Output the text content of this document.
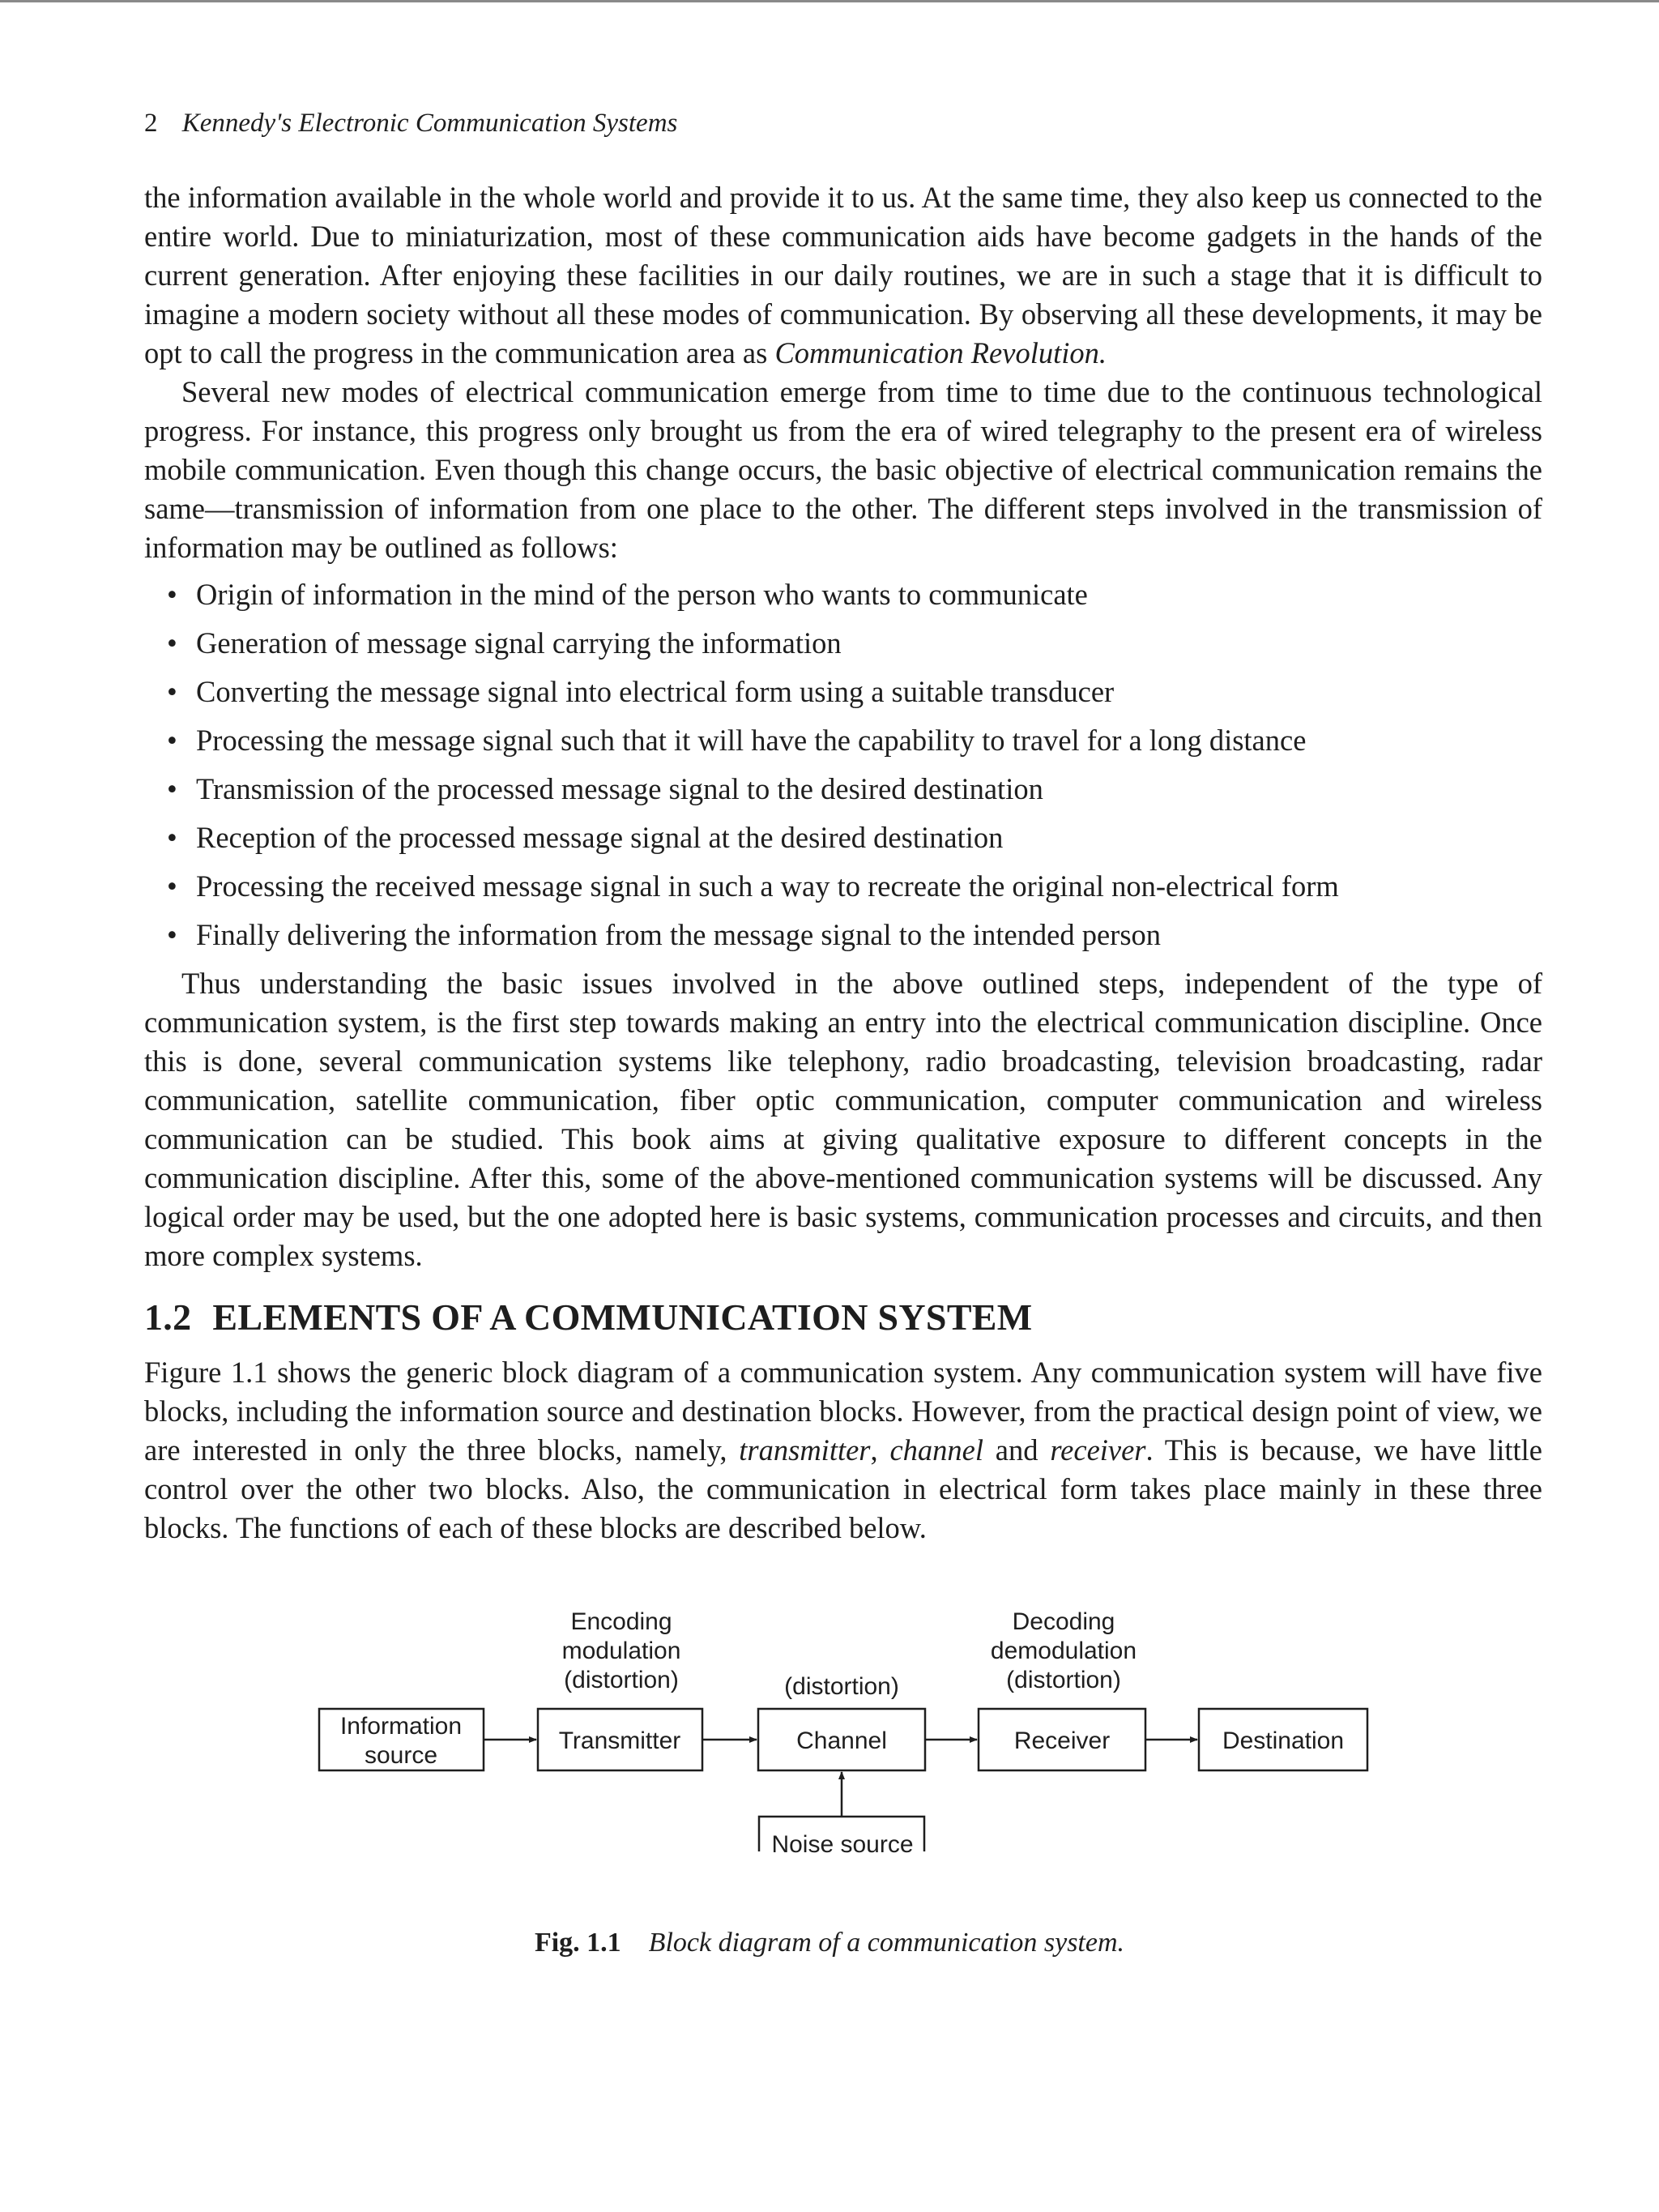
2 Kennedy's Electronic Communication Systems

the information available in the whole world and provide it to us. At the same time, they also keep us connected to the entire world. Due to miniaturization, most of these communication aids have become gadgets in the hands of the current generation. After enjoying these facilities in our daily routines, we are in such a stage that it is difficult to imagine a modern society without all these modes of communication. By observing all these developments, it may be opt to call the progress in the communication area as Communication Revolution.

Several new modes of electrical communication emerge from time to time due to the continuous technological progress. For instance, this progress only brought us from the era of wired telegraphy to the present era of wireless mobile communication. Even though this change occurs, the basic objective of electrical communication remains the same—transmission of information from one place to the other. The different steps involved in the transmission of information may be outlined as follows:

• Origin of information in the mind of the person who wants to communicate
• Generation of message signal carrying the information
• Converting the message signal into electrical form using a suitable transducer
• Processing the message signal such that it will have the capability to travel for a long distance
• Transmission of the processed message signal to the desired destination
• Reception of the processed message signal at the desired destination
• Processing the received message signal in such a way to recreate the original non-electrical form
• Finally delivering the information from the message signal to the intended person

Thus understanding the basic issues involved in the above outlined steps, independent of the type of communication system, is the first step towards making an entry into the electrical communication discipline. Once this is done, several communication systems like telephony, radio broadcasting, television broadcasting, radar communication, satellite communication, fiber optic communication, computer communication and wireless communication can be studied. This book aims at giving qualitative exposure to different concepts in the communication discipline. After this, some of the above-mentioned communication systems will be discussed. Any logical order may be used, but the one adopted here is basic systems, communication processes and circuits, and then more complex systems.

1.2 ELEMENTS OF A COMMUNICATION SYSTEM

Figure 1.1 shows the generic block diagram of a communication system. Any communication system will have five blocks, including the information source and destination blocks. However, from the practical design point of view, we are interested in only the three blocks, namely, transmitter, channel and receiver. This is because, we have little control over the other two blocks. Also, the communication in electrical form takes place mainly in these three blocks. The functions of each of these blocks are described below.

Information
source
Transmitter	Channel	Receiver	Destination
Noise source
Encoding
modulation
(distortion)	(distortion)
Decoding
demodulation
(distortion)
Fig. 1.1 Block diagram of a communication system.
